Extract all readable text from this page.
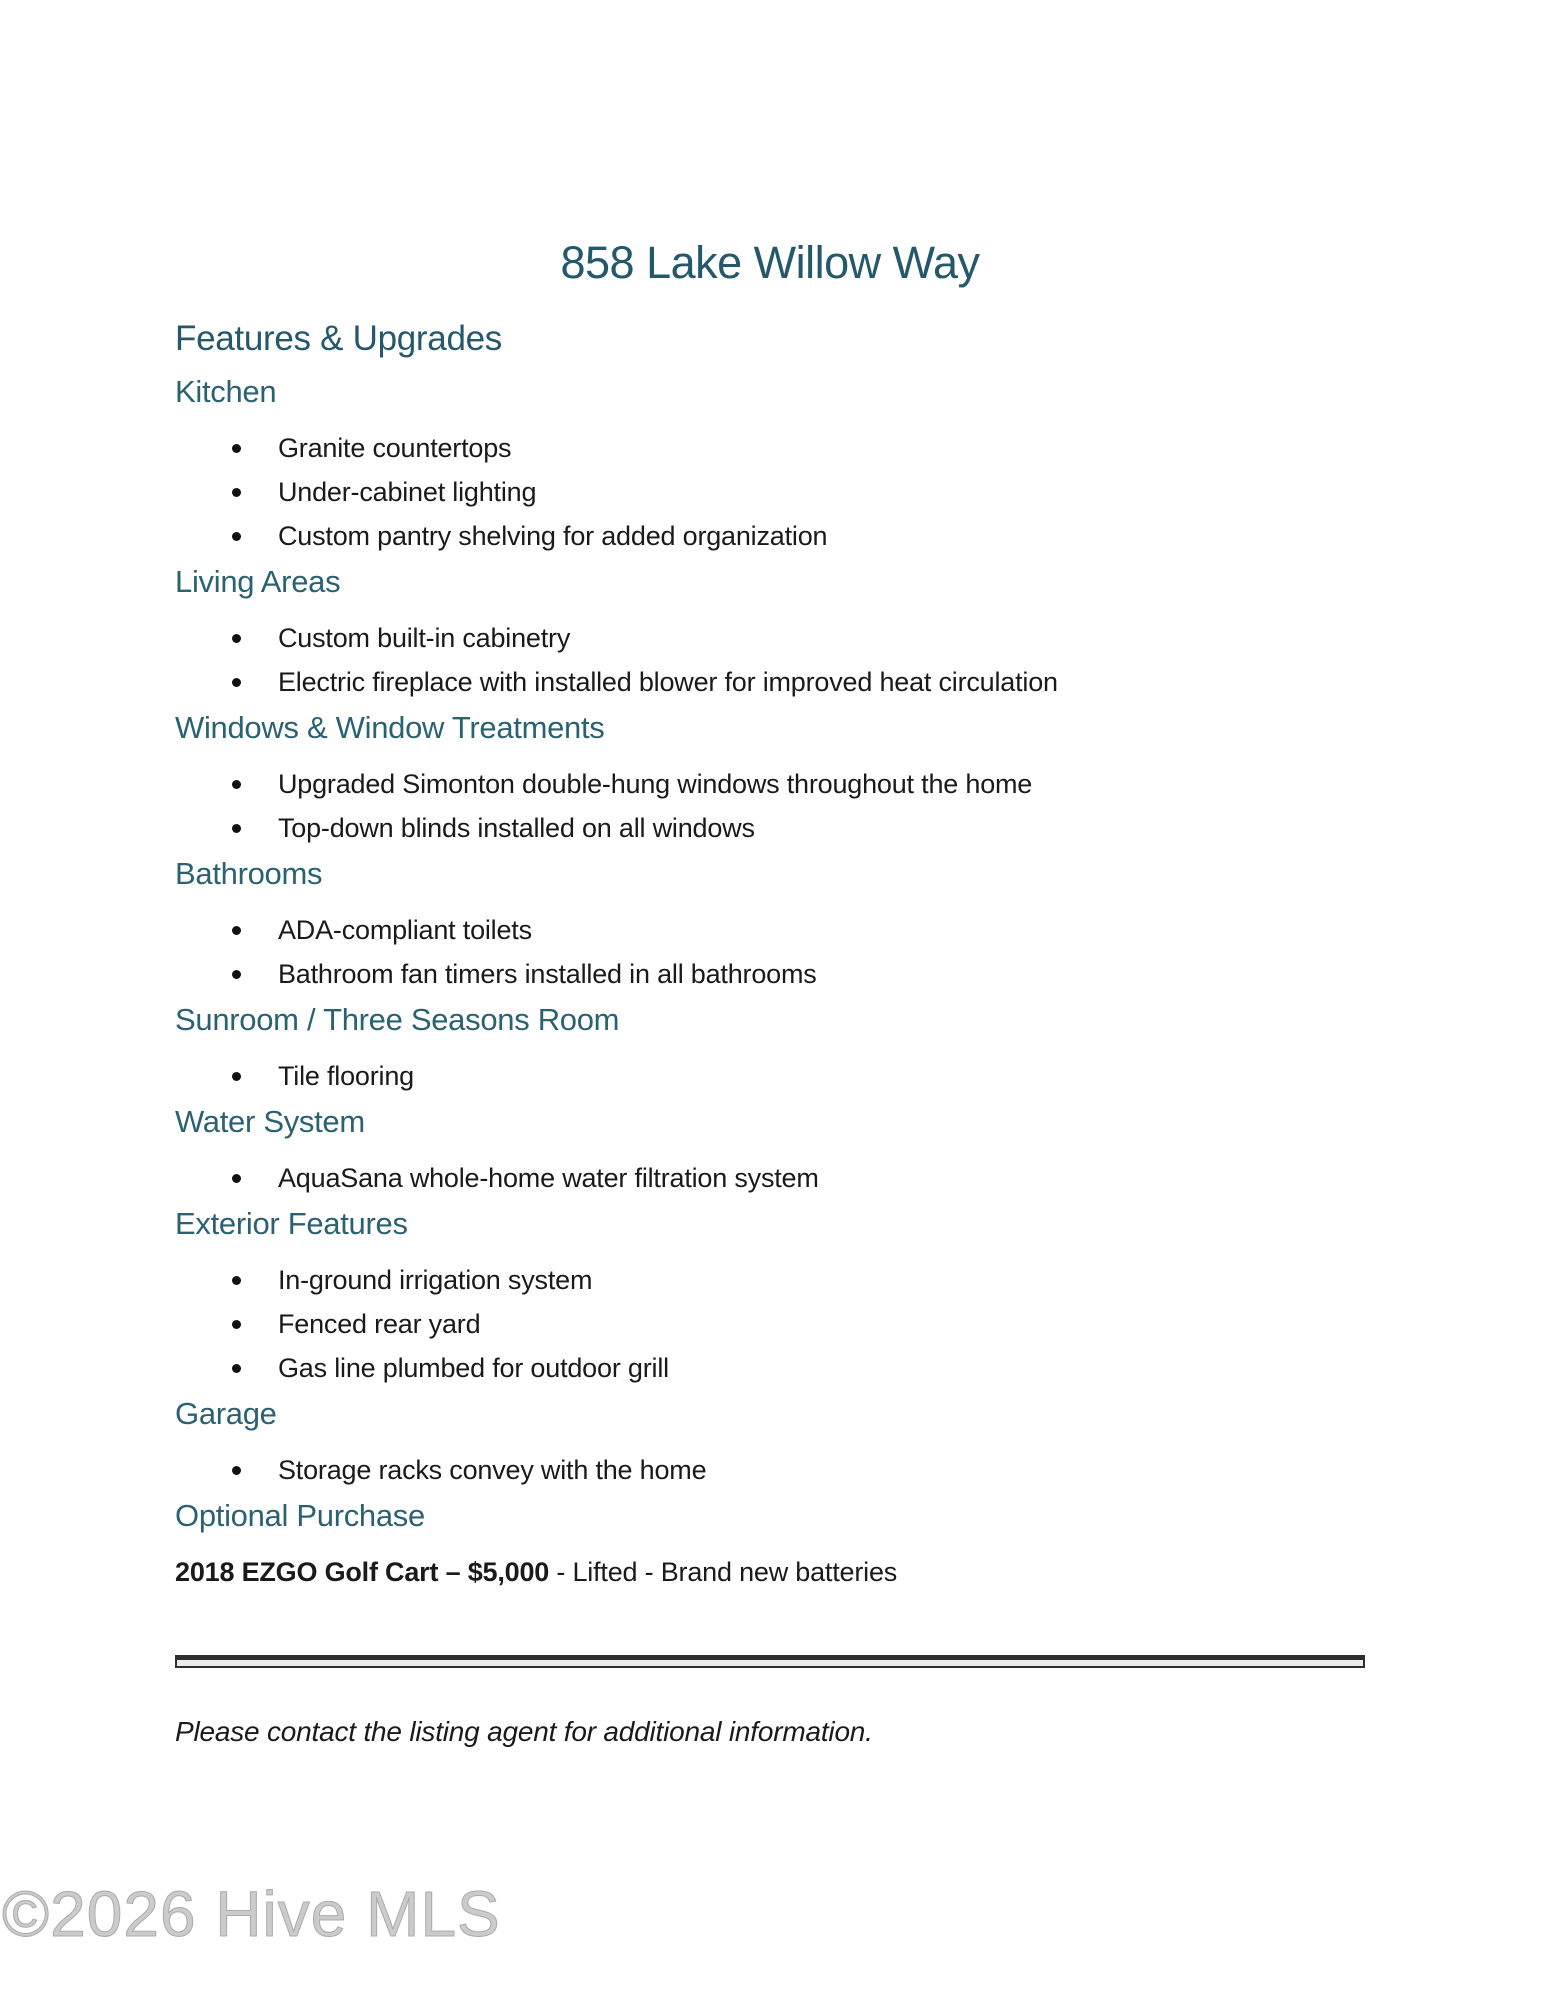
858 Lake Willow Way
Features & Upgrades
Kitchen
Granite countertops
Under-cabinet lighting
Custom pantry shelving for added organization
Living Areas
Custom built-in cabinetry
Electric fireplace with installed blower for improved heat circulation
Windows & Window Treatments
Upgraded Simonton double-hung windows throughout the home
Top-down blinds installed on all windows
Bathrooms
ADA-compliant toilets
Bathroom fan timers installed in all bathrooms
Sunroom / Three Seasons Room
Tile flooring
Water System
AquaSana whole-home water filtration system
Exterior Features
In-ground irrigation system
Fenced rear yard
Gas line plumbed for outdoor grill
Garage
Storage racks convey with the home
Optional Purchase
2018 EZGO Golf Cart – $5,000 - Lifted - Brand new batteries
Please contact the listing agent for additional information.
©2026 Hive MLS
